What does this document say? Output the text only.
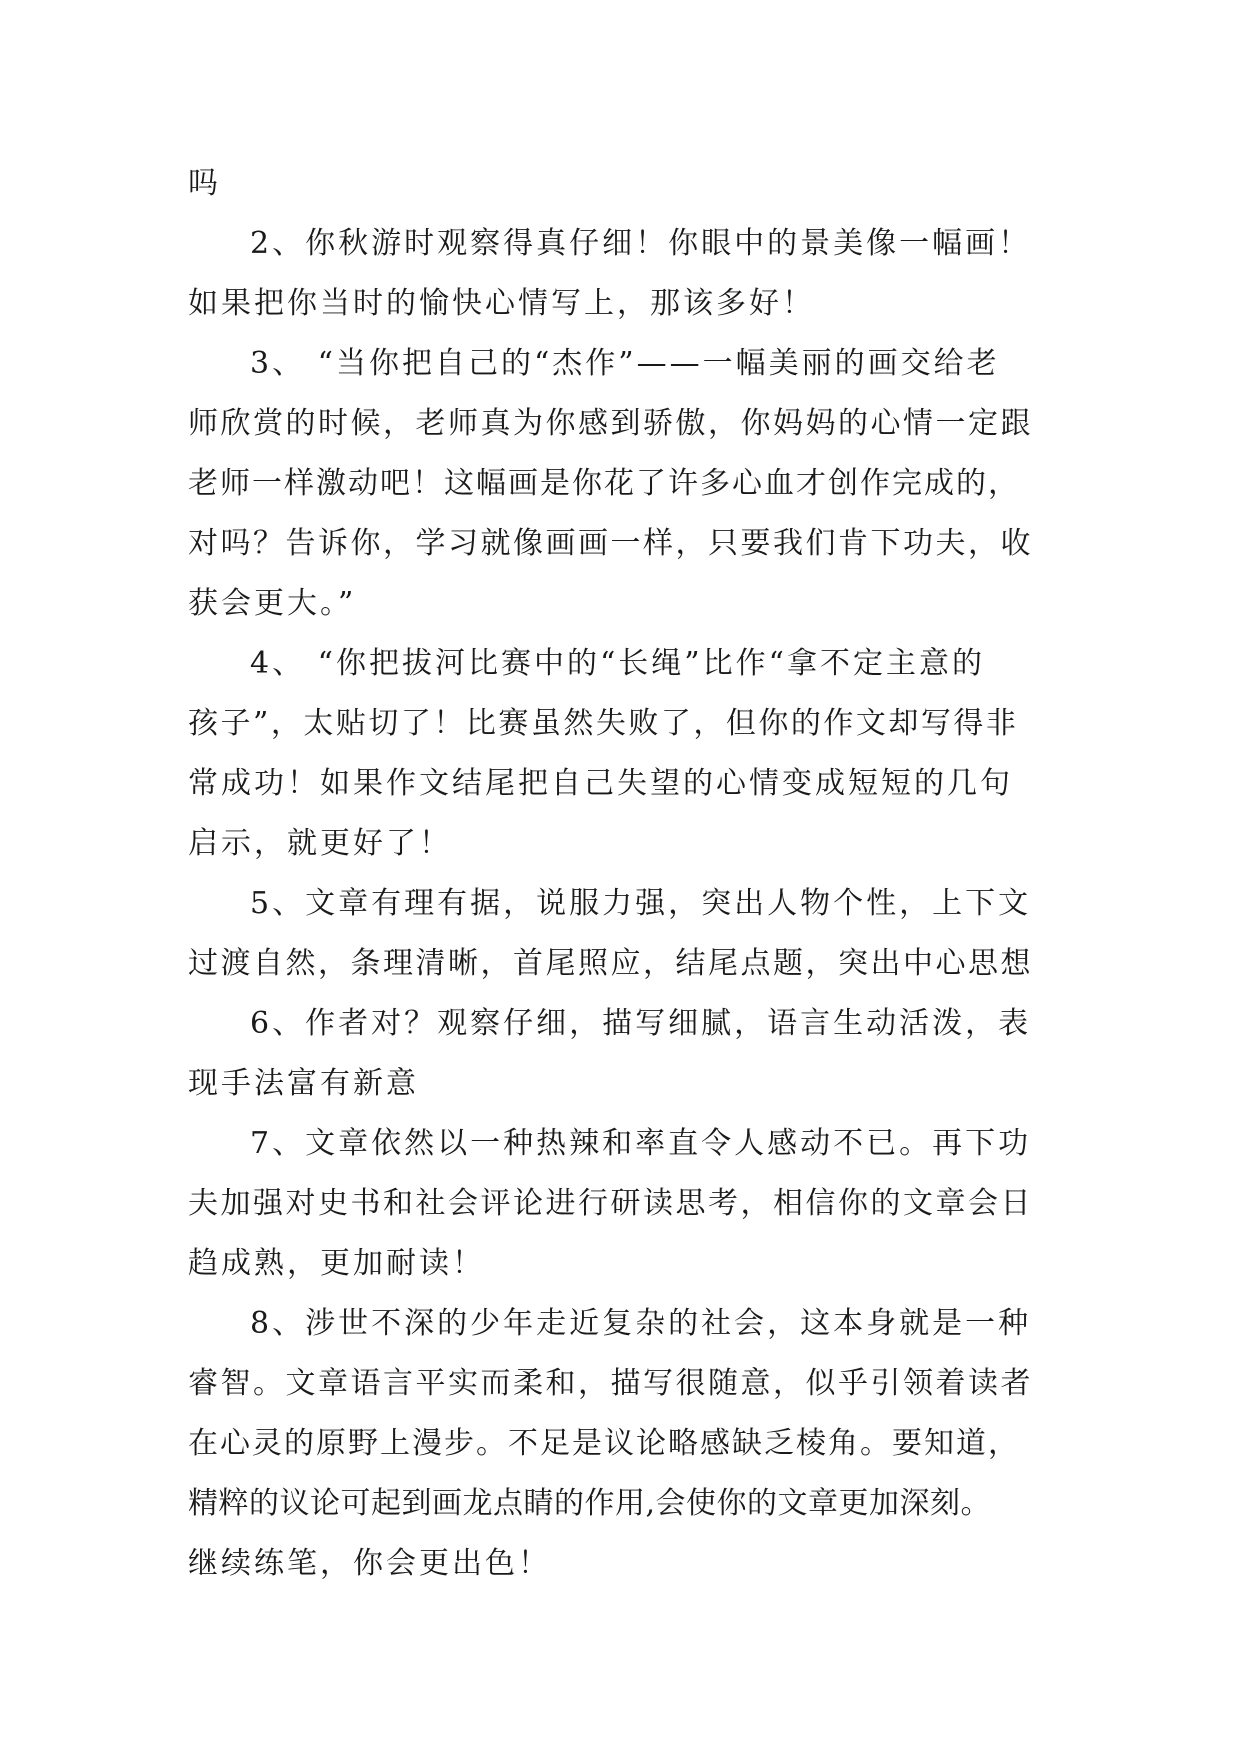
吗
2、你秋游时观察得真仔细！你眼中的景美像一幅画！
如果把你当时的愉快心情写上，那该多好！
3、 “当你把自己的“杰作”——一幅美丽的画交给老
师欣赏的时候，老师真为你感到骄傲，你妈妈的心情一定跟
老师一样激动吧！这幅画是你花了许多心血才创作完成的，
对吗？告诉你，学习就像画画一样，只要我们肯下功夫，收
获会更大。”
4、 “你把拔河比赛中的“长绳”比作“拿不定主意的
孩子”，太贴切了！比赛虽然失败了，但你的作文却写得非
常成功！如果作文结尾把自己失望的心情变成短短的几句
启示，就更好了！
5、文章有理有据，说服力强，突出人物个性，上下文
过渡自然，条理清晰，首尾照应，结尾点题，突出中心思想
6、作者对？观察仔细，描写细腻，语言生动活泼，表
现手法富有新意
7、文章依然以一种热辣和率直令人感动不已。再下功
夫加强对史书和社会评论进行研读思考，相信你的文章会日
趋成熟，更加耐读！
8、涉世不深的少年走近复杂的社会，这本身就是一种
睿智。文章语言平实而柔和，描写很随意，似乎引领着读者
在心灵的原野上漫步。不足是议论略感缺乏棱角。要知道，
精粹的议论可起到画龙点睛的作用,会使你的文章更加深刻。
继续练笔，你会更出色！
